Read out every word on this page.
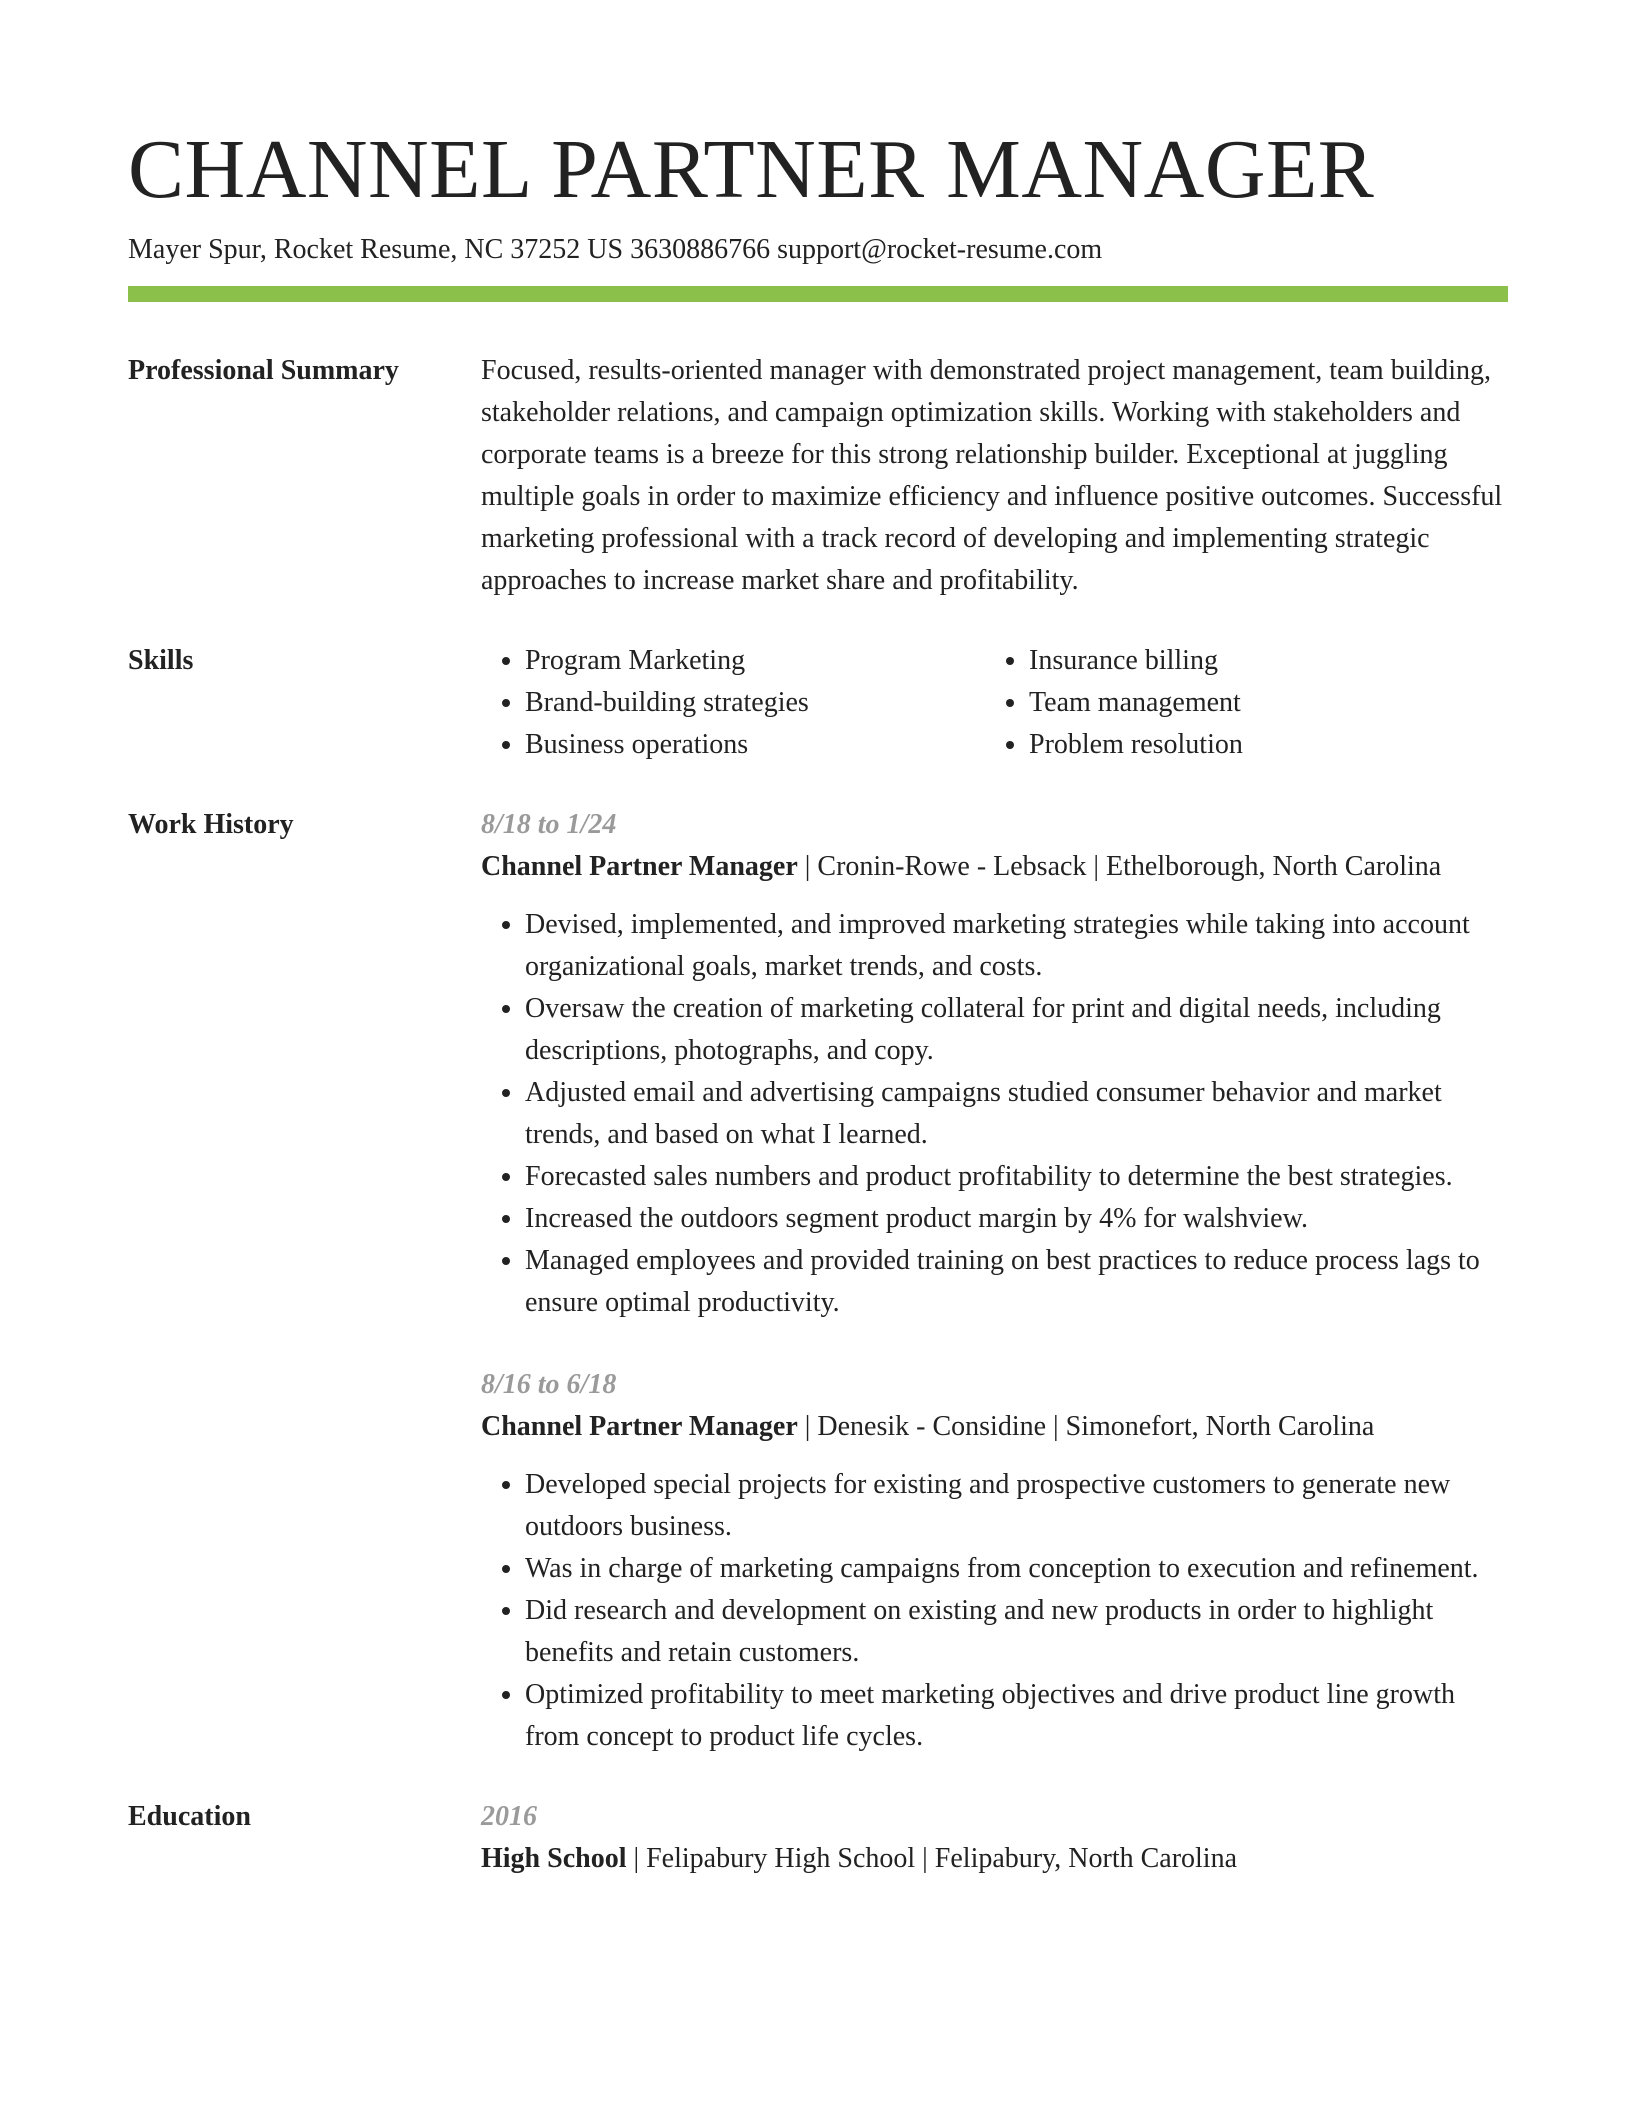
CHANNEL PARTNER MANAGER
Mayer Spur, Rocket Resume, NC 37252 US 3630886766 support@rocket-resume.com
Professional Summary	Focused, results-oriented manager with demonstrated project management, team building, stakeholder relations, and campaign optimization skills. Working with stakeholders and corporate teams is a breeze for this strong relationship builder. Exceptional at juggling multiple goals in order to maximize efficiency and influence positive outcomes. Successful marketing professional with a track record of developing and implementing strategic approaches to increase market share and profitability.

Skills
•	Program Marketing
• Brand-building strategies
• Business operations
• Insurance billing
• Team management
• Problem resolution
Work History	8/18 to 1/24
Channel Partner Manager | Cronin-Rowe - Lebsack | Ethelborough, North Carolina
• Devised, implemented, and improved marketing strategies while taking into account organizational goals, market trends, and costs.
• Oversaw the creation of marketing collateral for print and digital needs, including descriptions, photographs, and copy.
• Adjusted email and advertising campaigns studied consumer behavior and market trends, and based on what I learned.
• Forecasted sales numbers and product profitability to determine the best strategies.
• Increased the outdoors segment product margin by 4% for walshview.
• Managed employees and provided training on best practices to reduce process lags to ensure optimal productivity.
8/16 to 6/18
Channel Partner Manager | Denesik - Considine | Simonefort, North Carolina
• Developed special projects for existing and prospective customers to generate new outdoors business.
• Was in charge of marketing campaigns from conception to execution and refinement.
• Did research and development on existing and new products in order to highlight benefits and retain customers.
• Optimized profitability to meet marketing objectives and drive product line growth from concept to product life cycles.
Education	2016
High School | Felipabury High School | Felipabury, North Carolina
